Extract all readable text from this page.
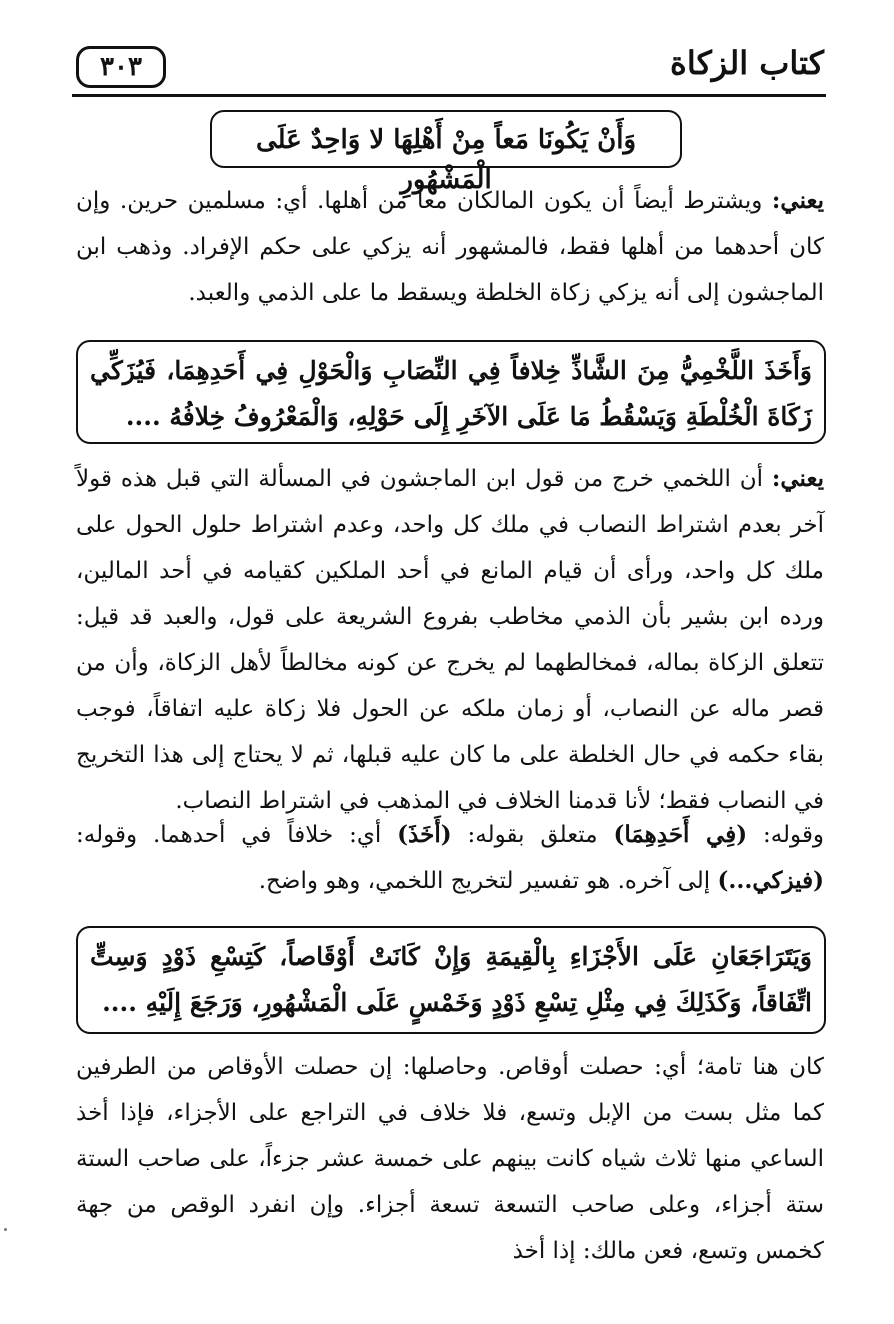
كتاب الزكاة
٣٠٣
وَأَنْ يَكُونَا مَعاً مِنْ أَهْلِهَا لا وَاحِدٌ عَلَى الْمَشْهُورِ
يعني: ويشترط أيضاً أن يكون المالكان معاً من أهلها. أي: مسلمين حرين. وإن كان أحدهما من أهلها فقط، فالمشهور أنه يزكي على حكم الإفراد. وذهب ابن الماجشون إلى أنه يزكي زكاة الخلطة ويسقط ما على الذمي والعبد.
وَأَخَذَ اللَّخْمِيُّ مِنَ الشَّاذِّ خِلافاً فِي النِّصَابِ وَالْحَوْلِ فِي أَحَدِهِمَا، فَيُزَكِّي زَكَاةَ الْخُلْطَةِ وَيَسْقُطُ مَا عَلَى الآخَرِ إِلَى حَوْلِهِ، وَالْمَعْرُوفُ خِلافُهُ ....
يعني: أن اللخمي خرج من قول ابن الماجشون في المسألة التي قبل هذه قولاً آخر بعدم اشتراط النصاب في ملك كل واحد، وعدم اشتراط حلول الحول على ملك كل واحد، ورأى أن قيام المانع في أحد الملكين كقيامه في أحد المالين، ورده ابن بشير بأن الذمي مخاطب بفروع الشريعة على قول، والعبد قد قيل: تتعلق الزكاة بماله، فمخالطهما لم يخرج عن كونه مخالطاً لأهل الزكاة، وأن من قصر ماله عن النصاب، أو زمان ملكه عن الحول فلا زكاة عليه اتفاقاً، فوجب بقاء حكمه في حال الخلطة على ما كان عليه قبلها، ثم لا يحتاج إلى هذا التخريج في النصاب فقط؛ لأنا قدمنا الخلاف في المذهب في اشتراط النصاب.
وقوله: (فِي أَحَدِهِمَا) متعلق بقوله: (أَخَذَ) أي: خلافاً في أحدهما. وقوله: (فيزكي...) إلى آخره. هو تفسير لتخريج اللخمي، وهو واضح.
وَيَتَرَاجَعَانِ عَلَى الأَجْزَاءِ بِالْقِيمَةِ وَإِنْ كَانَتْ أَوْقَاصاً، كَتِسْعِ ذَوْدٍ وَسِتٍّ اتِّفَاقاً، وَكَذَلِكَ فِي مِثْلِ تِسْعِ ذَوْدٍ وَخَمْسٍ عَلَى الْمَشْهُورِ، وَرَجَعَ إِلَيْهِ ....
كان هنا تامة؛ أي: حصلت أوقاص. وحاصلها: إن حصلت الأوقاص من الطرفين كما مثل بست من الإبل وتسع، فلا خلاف في التراجع على الأجزاء، فإذا أخذ الساعي منها ثلاث شياه كانت بينهم على خمسة عشر جزءاً، على صاحب الستة ستة أجزاء، وعلى صاحب التسعة تسعة أجزاء. وإن انفرد الوقص من جهة كخمس وتسع، فعن مالك: إذا أخذ
